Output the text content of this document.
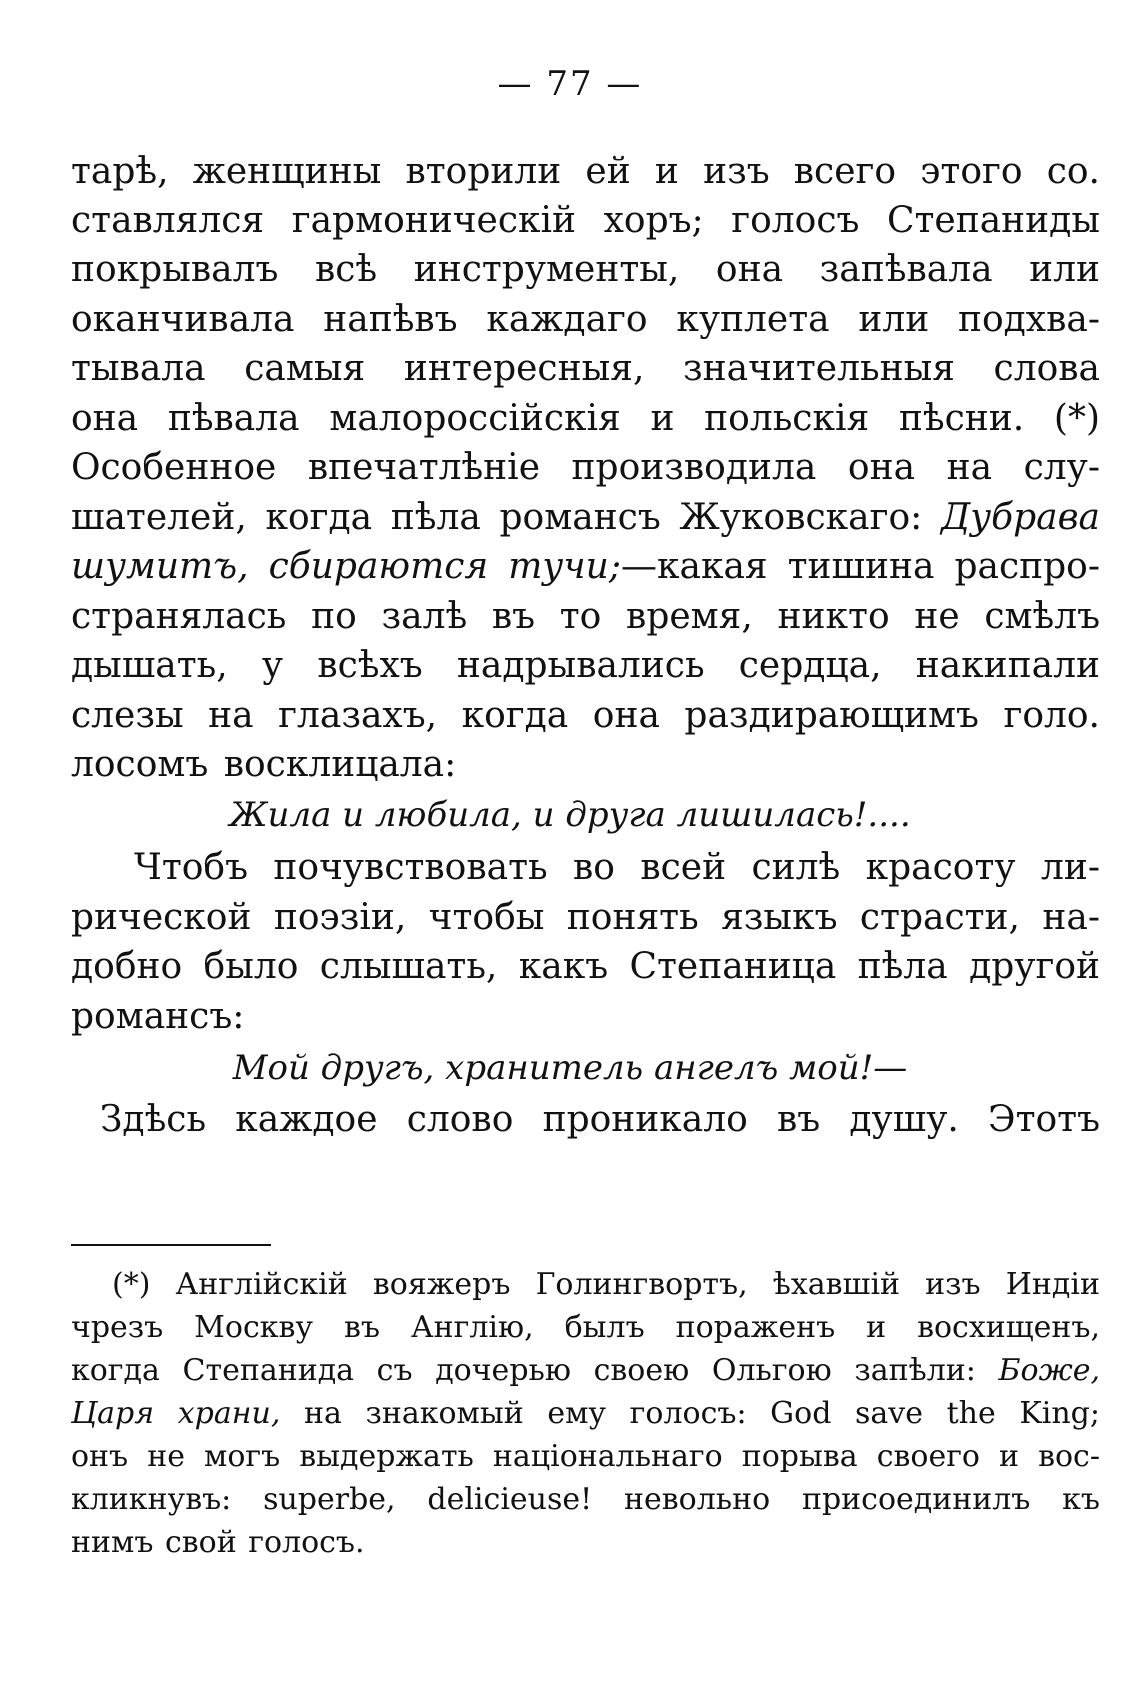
— 77 —
тарѣ, женщины вторили ей и изъ всего этого со.
ставлялся гармоническій хоръ; голосъ Степаниды
покрывалъ всѣ инструменты, она запѣвала или
оканчивала напѣвъ каждаго куплета или подхва-
тывала самыя интересныя, значительныя слова
она пѣвала малороссійскія и польскія пѣсни. (*)
Особенное впечатлѣніе производила она на слу-
шателей, когда пѣла романсъ Жуковскаго: Дубрава
шумитъ, сбираются тучи;—какая тишина распро-
странялась по залѣ въ то время, никто не смѣлъ
дышать, у всѣхъ надрывались сердца, накипали
слезы на глазахъ, когда она раздирающимъ голо.
лосомъ восклицала:
Жила и любила, и друга лишилась!....
Чтобъ почувствовать во всей силѣ красоту ли-
рической поэзіи, чтобы понять языкъ страсти, на-
добно было слышать, какъ Степаница пѣла другой
романсъ:
Мой другъ, хранитель ангелъ мой!—
Здѣсь каждое слово проникало въ душу. Этотъ
(*) Англійскій вояжеръ Голингвортъ, ѣхавшій изъ Индіи
чрезъ Москву въ Англію, былъ пораженъ и восхищенъ,
когда Степанида съ дочерью своею Ольгою запѣли: Боже,
Царя храни, на знакомый ему голосъ: God save the King;
онъ не могъ выдержать національнаго порыва своего и вос-
кликнувъ: superbe, delicieuse! невольно присоединилъ къ
нимъ свой голосъ.
